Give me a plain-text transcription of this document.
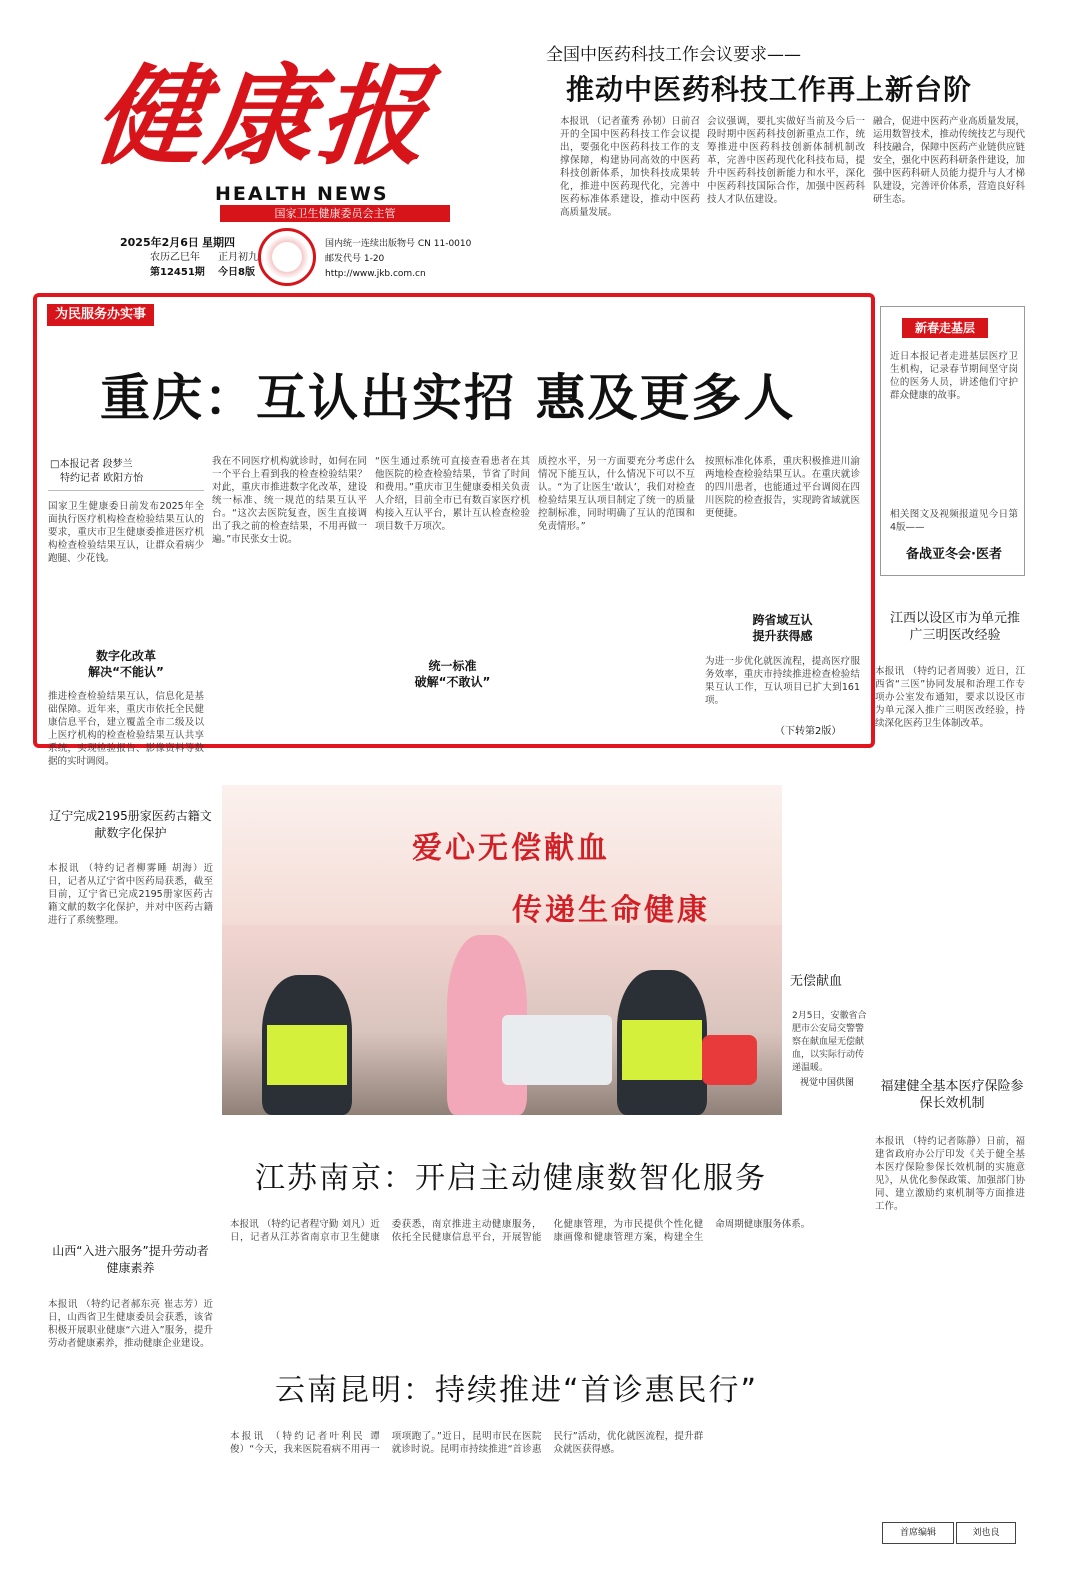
健康报
HEALTH NEWS
国家卫生健康委员会主管
2025年2月6日 星期四
农历乙巳年 正月初九
第12451期 今日8版
国内统一连续出版物号 CN 11-0010
邮发代号 1-20
http://www.jkb.com.cn
全国中医药科技工作会议要求——
推动中医药科技工作再上新台阶
本报讯 （记者董秀 孙韧）日前召开的全国中医药科技工作会议提出，要强化中医药科技工作的支撑保障，构建协同高效的中医药科技创新体系，加快科技成果转化，推进中医药现代化，完善中医药标准体系建设，推动中医药高质量发展。
会议强调，要扎实做好当前及今后一段时期中医药科技创新重点工作，统筹推进中医药科技创新体制机制改革，完善中医药现代化科技布局，提升中医药科技创新能力和水平，深化中医药科技国际合作，加强中医药科技人才队伍建设。
融合，促进中医药产业高质量发展，运用数智技术，推动传统技艺与现代科技融合，保障中医药产业链供应链安全，强化中医药科研条件建设，加强中医药科研人员能力提升与人才梯队建设，完善评价体系，营造良好科研生态。
为民服务办实事
重庆：互认出实招 惠及更多人
□本报记者 段梦兰
特约记者 欧阳方怡
国家卫生健康委日前发布2025年全面执行医疗机构检查检验结果互认的要求，重庆市卫生健康委推进医疗机构检查检验结果互认，让群众看病少跑腿、少花钱。
数字化改革
解决“不能认”
推进检查检验结果互认，信息化是基础保障。近年来，重庆市依托全民健康信息平台，建立覆盖全市二级及以上医疗机构的检查检验结果互认共享系统，实现检验报告、影像资料等数据的实时调阅。
我在不同医疗机构就诊时，如何在同一个平台上看到我的检查检验结果？对此，重庆市推进数字化改革，建设统一标准、统一规范的结果互认平台。“这次去医院复查，医生直接调出了我之前的检查结果，不用再做一遍。”市民张女士说。
“医生通过系统可直接查看患者在其他医院的检查检验结果，节省了时间和费用。”重庆市卫生健康委相关负责人介绍，目前全市已有数百家医疗机构接入互认平台，累计互认检查检验项目数千万项次。
统一标准
破解“不敢认”
质控水平，另一方面要充分考虑什么情况下能互认，什么情况下可以不互认。“为了让医生‘敢认’，我们对检查检验结果互认项目制定了统一的质量控制标准，同时明确了互认的范围和免责情形。”
按照标准化体系，重庆积极推进川渝两地检查检验结果互认。在重庆就诊的四川患者，也能通过平台调阅在四川医院的检查报告，实现跨省域就医更便捷。
跨省域互认
提升获得感
为进一步优化就医流程，提高医疗服务效率，重庆市持续推进检查检验结果互认工作，互认项目已扩大到161项。
（下转第2版）
新春走基层
近日本报记者走进基层医疗卫生机构，记录春节期间坚守岗位的医务人员，讲述他们守护群众健康的故事。
相关图文及视频报道见今日第4版——
备战亚冬会·医者
江西以设区市为单元推广三明医改经验
本报讯 （特约记者周骏）近日，江西省“三医”协同发展和治理工作专项办公室发布通知，要求以设区市为单元深入推广三明医改经验，持续深化医药卫生体制改革。
福建健全基本医疗保险参保长效机制
本报讯 （特约记者陈静）日前，福建省政府办公厅印发《关于健全基本医疗保险参保长效机制的实施意见》，从优化参保政策、加强部门协同、建立激励约束机制等方面推进工作。
辽宁完成2195册家医药古籍文献数字化保护
本报讯 （特约记者柳雾睡 胡海）近日，记者从辽宁省中医药局获悉，截至目前，辽宁省已完成2195册家医药古籍文献的数字化保护，并对中医药古籍进行了系统整理。
山西“入进六服务”提升劳动者健康素养
本报讯 （特约记者郝东亮 崔志芳）近日，山西省卫生健康委员会获悉，该省积极开展职业健康“六进入”服务，提升劳动者健康素养，推动健康企业建设。
爱心无偿献血
传递生命健康
无偿献血
2月5日，安徽省合肥市公安局交警警察在献血屋无偿献血，以实际行动传递温暖。
视觉中国供图
江苏南京：开启主动健康数智化服务
本报讯 （特约记者程守勤 刘凡）近日，记者从江苏省南京市卫生健康委获悉，南京推进主动健康服务，依托全民健康信息平台，开展智能化健康管理，为市民提供个性化健康画像和健康管理方案，构建全生命周期健康服务体系。
云南昆明：持续推进“首诊惠民行”
本报讯 （特约记者叶利民 谭俊）“今天，我来医院看病不用再一项项跑了。”近日，昆明市民在医院就诊时说。昆明市持续推进“首诊惠民行”活动，优化就医流程，提升群众就医获得感。
首席编辑	刘也良
